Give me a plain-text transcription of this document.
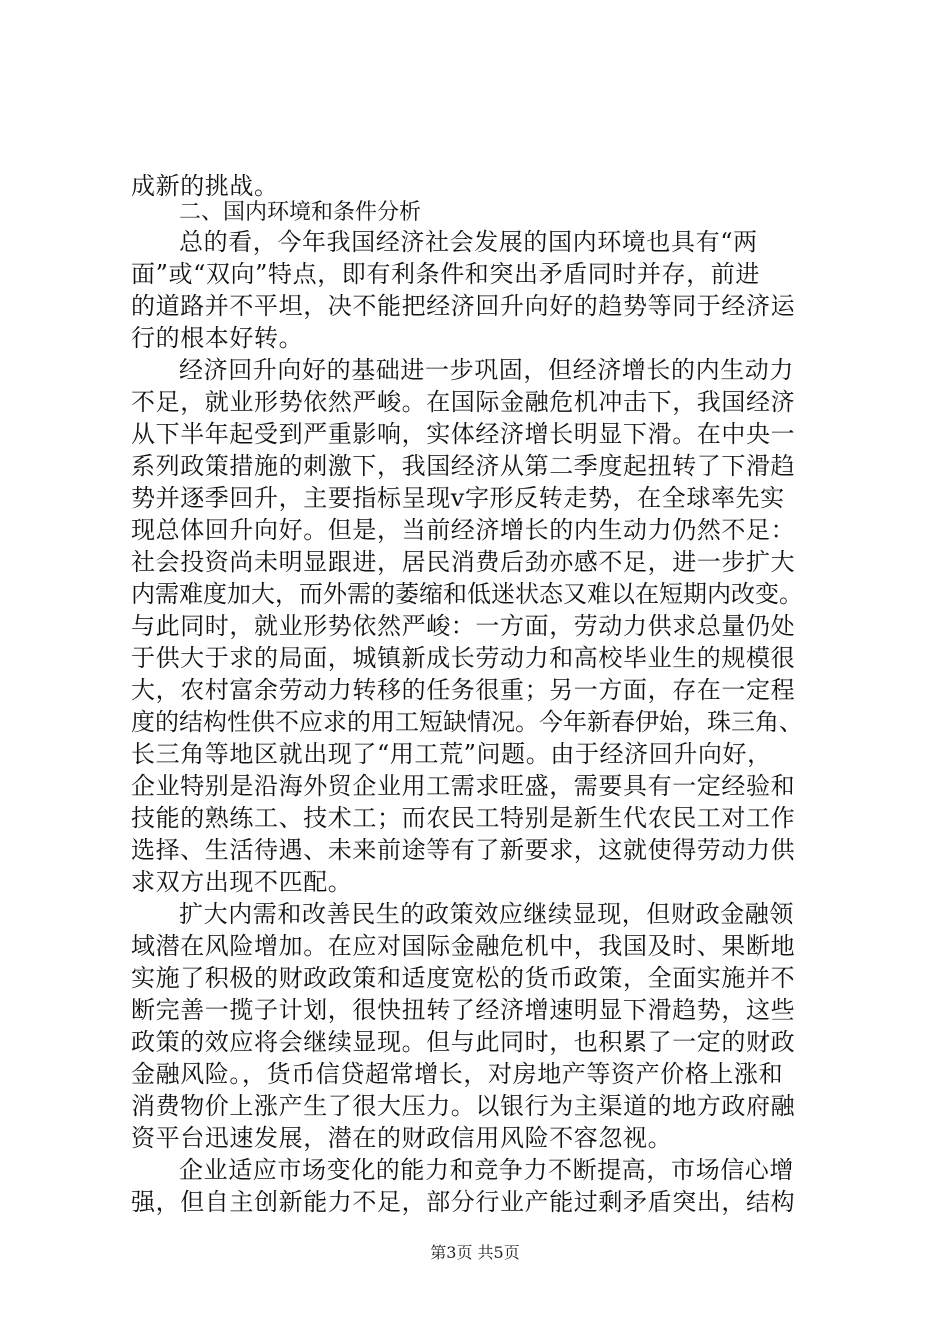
成新的挑战。
二、国内环境和条件分析
总的看，今年我国经济社会发展的国内环境也具有“两
面”或“双向”特点，即有利条件和突出矛盾同时并存，前进
的道路并不平坦，决不能把经济回升向好的趋势等同于经济运
行的根本好转。
经济回升向好的基础进一步巩固，但经济增长的内生动力
不足，就业形势依然严峻。在国际金融危机冲击下，我国经济
从下半年起受到严重影响，实体经济增长明显下滑。在中央一
系列政策措施的刺激下，我国经济从第二季度起扭转了下滑趋
势并逐季回升，主要指标呈现v字形反转走势，在全球率先实
现总体回升向好。但是，当前经济增长的内生动力仍然不足：
社会投资尚未明显跟进，居民消费后劲亦感不足，进一步扩大
内需难度加大，而外需的萎缩和低迷状态又难以在短期内改变。
与此同时，就业形势依然严峻：一方面，劳动力供求总量仍处
于供大于求的局面，城镇新成长劳动力和高校毕业生的规模很
大，农村富余劳动力转移的任务很重；另一方面，存在一定程
度的结构性供不应求的用工短缺情况。今年新春伊始，珠三角、
长三角等地区就出现了“用工荒”问题。由于经济回升向好，
企业特别是沿海外贸企业用工需求旺盛，需要具有一定经验和
技能的熟练工、技术工；而农民工特别是新生代农民工对工作
选择、生活待遇、未来前途等有了新要求，这就使得劳动力供
求双方出现不匹配。
扩大内需和改善民生的政策效应继续显现，但财政金融领
域潜在风险增加。在应对国际金融危机中，我国及时、果断地
实施了积极的财政政策和适度宽松的货币政策，全面实施并不
断完善一揽子计划，很快扭转了经济增速明显下滑趋势，这些
政策的效应将会继续显现。但与此同时，也积累了一定的财政
金融风险。，货币信贷超常增长，对房地产等资产价格上涨和
消费物价上涨产生了很大压力。以银行为主渠道的地方政府融
资平台迅速发展，潜在的财政信用风险不容忽视。
企业适应市场变化的能力和竞争力不断提高，市场信心增
强，但自主创新能力不足，部分行业产能过剩矛盾突出，结构
第3页 共5页
